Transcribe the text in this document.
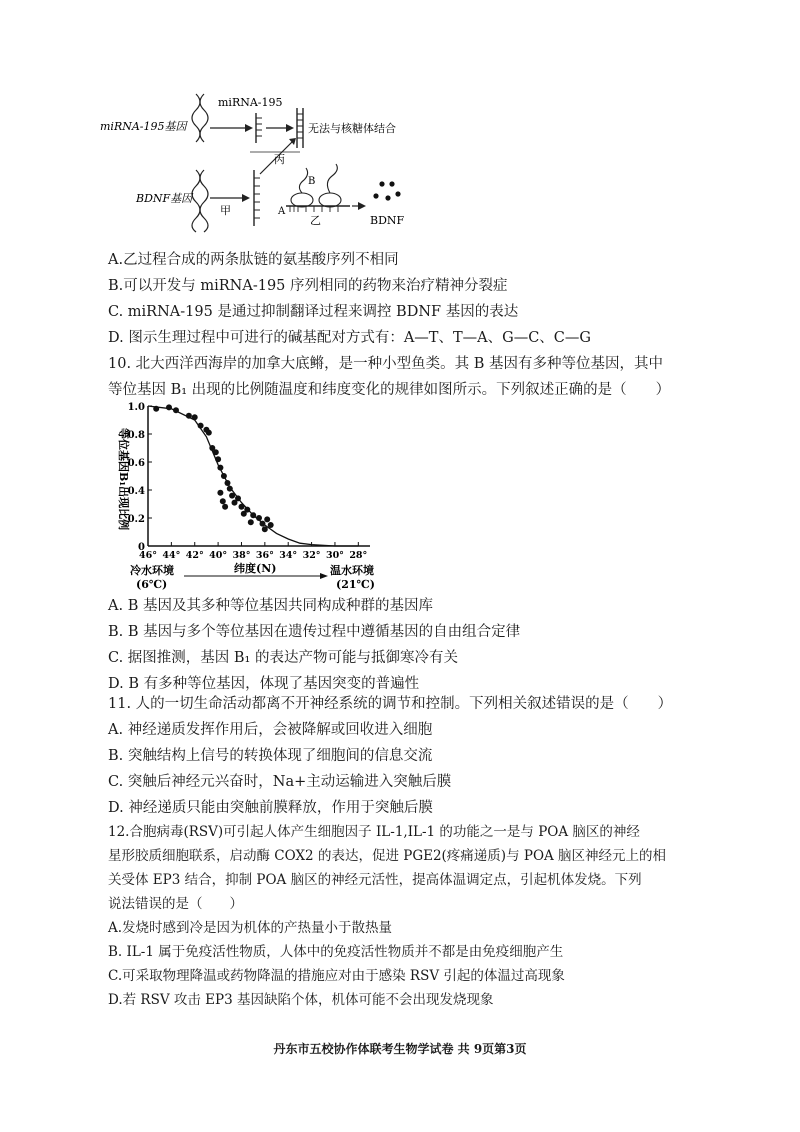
miRNA-195基因
miRNA-195
无法与核糖体结合
丙
BDNF基因
甲
B
A
乙	BDNF
A.乙过程合成的两条肽链的氨基酸序列不相同
B.可以开发与 miRNA-195 序列相同的药物来治疗精神分裂症
C. miRNA-195 是通过抑制翻译过程来调控 BDNF 基因的表达
D. 图示生理过程中可进行的碱基配对方式有：A—T、T—A、G—C、C—G
10. 北大西洋西海岸的加拿大底鳉，是一种小型鱼类。其 B 基因有多种等位基因，其中
等位基因 B₁ 出现的比例随温度和纬度变化的规律如图所示。下列叙述正确的是（　　）
0
0.2
0.4
0.6
0.8
1.0
46° 44° 42° 40° 38° 36° 34° 32° 30° 28°
等位基因B₁出现比例
冷水环境
(6℃)
纬度(N)	温水环境
(21℃)
A. B 基因及其多种等位基因共同构成种群的基因库
B. B 基因与多个等位基因在遗传过程中遵循基因的自由组合定律
C. 据图推测，基因 B₁ 的表达产物可能与抵御寒冷有关
D. B 有多种等位基因，体现了基因突变的普遍性
11. 人的一切生命活动都离不开神经系统的调节和控制。下列相关叙述错误的是（　　）
A. 神经递质发挥作用后，会被降解或回收进入细胞
B. 突触结构上信号的转换体现了细胞间的信息交流
C. 突触后神经元兴奋时，Na+主动运输进入突触后膜
D. 神经递质只能由突触前膜释放，作用于突触后膜
12.合胞病毒(RSV)可引起人体产生细胞因子 IL-1,IL-1 的功能之一是与 POA 脑区的神经
星形胶质细胞联系，启动酶 COX2 的表达，促进 PGE2(疼痛递质)与 POA 脑区神经元上的相
关受体 EP3 结合，抑制 POA 脑区的神经元活性，提高体温调定点，引起机体发烧。下列
说法错误的是（　　）
A.发烧时感到冷是因为机体的产热量小于散热量
B. IL-1 属于免疫活性物质，人体中的免疫活性物质并不都是由免疫细胞产生
C.可采取物理降温或药物降温的措施应对由于感染 RSV 引起的体温过高现象
D.若 RSV 攻击 EP3 基因缺陷个体，机体可能不会出现发烧现象
丹东市五校协作体联考生物学试卷 共 9页第3页
